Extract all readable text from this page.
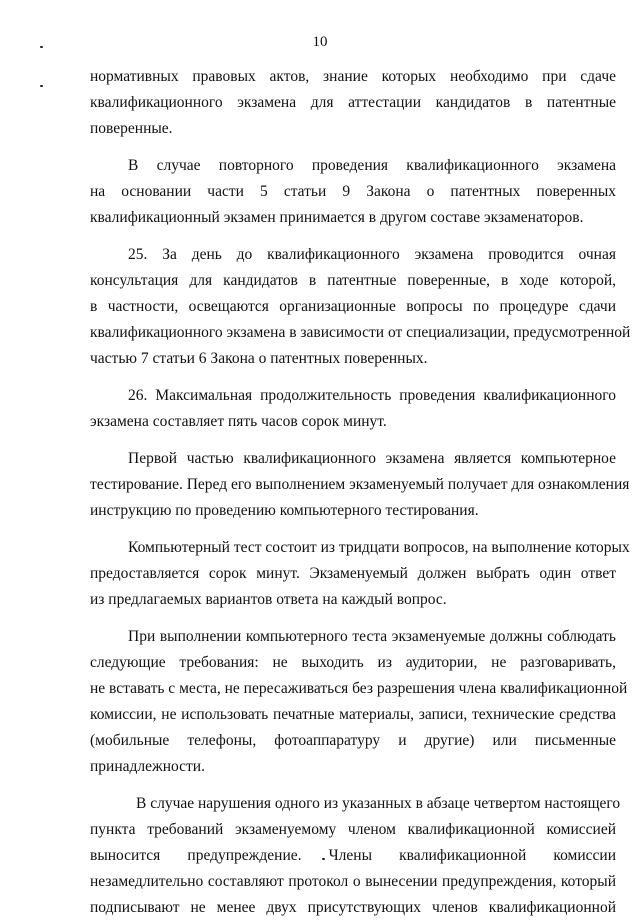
10
нормативных правовых актов, знание которых необходимо при сдаче
квалификационного экзамена для аттестации кандидатов в патентные
поверенные.
В случае повторного проведения квалификационного экзамена
на основании части 5 статьи 9 Закона о патентных поверенных
квалификационный экзамен принимается в другом составе экзаменаторов.
25. За день до квалификационного экзамена проводится очная
консультация для кандидатов в патентные поверенные, в ходе которой,
в частности, освещаются организационные вопросы по процедуре сдачи
квалификационного экзамена в зависимости от специализации, предусмотренной
частью 7 статьи 6 Закона о патентных поверенных.
26. Максимальная продолжительность проведения квалификационного
экзамена составляет пять часов сорок минут.
Первой частью квалификационного экзамена является компьютерное
тестирование. Перед его выполнением экзаменуемый получает для ознакомления
инструкцию по проведению компьютерного тестирования.
Компьютерный тест состоит из тридцати вопросов, на выполнение которых
предоставляется сорок минут. Экзаменуемый должен выбрать один ответ
из предлагаемых вариантов ответа на каждый вопрос.
При выполнении компьютерного теста экзаменуемые должны соблюдать
следующие требования: не выходить из аудитории, не разговаривать,
не вставать с места, не пересаживаться без разрешения члена квалификационной
комиссии, не использовать печатные материалы, записи, технические средства
(мобильные телефоны, фотоаппаратуру и другие) или письменные
принадлежности.
В случае нарушения одного из указанных в абзаце четвертом настоящего
пункта требований экзаменуемому членом квалификационной комиссией
выносится предупреждение. Члены квалификационной комиссии
незамедлительно составляют протокол о вынесении предупреждения, который
подписывают не менее двух присутствующих членов квалификационной
